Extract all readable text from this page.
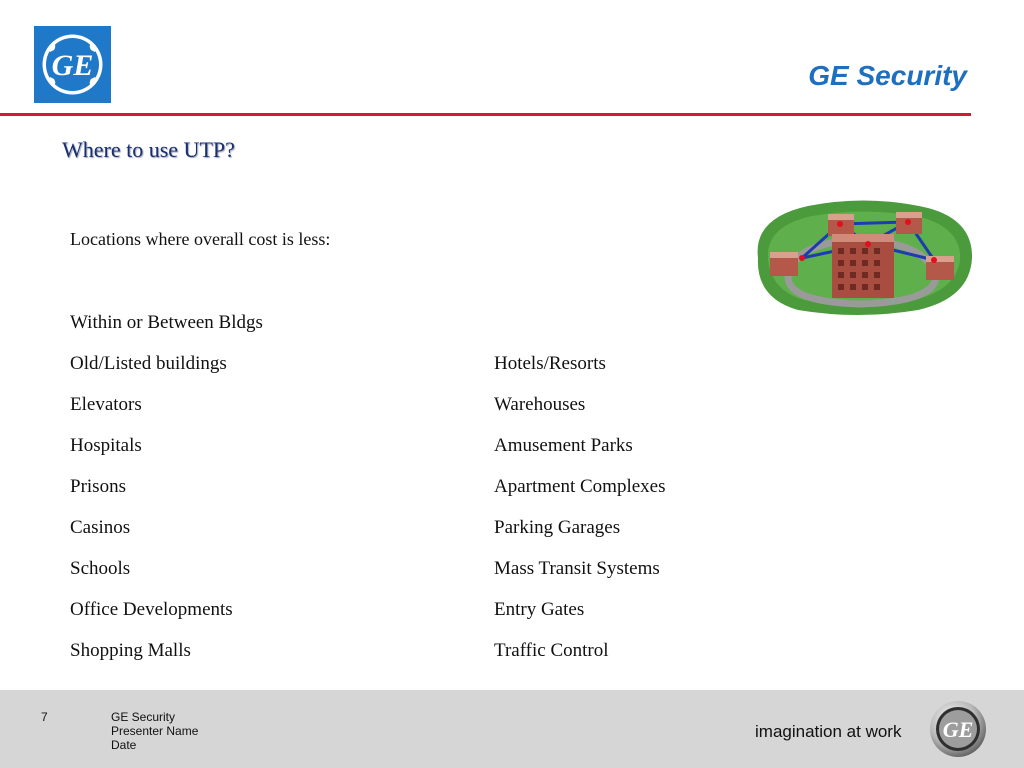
GE	GE Security
Where to use UTP?
Locations where overall cost is less:
Within or Between Bldgs
Old/Listed buildings
Elevators
Hospitals
Prisons
Casinos
Schools
Office Developments
Shopping Malls
Hotels/Resorts
Warehouses
Amusement Parks
Apartment Complexes
Parking Garages
Mass Transit Systems
Entry Gates
Traffic Control
7	GE Security
Presenter Name
Date
imagination at work GE
